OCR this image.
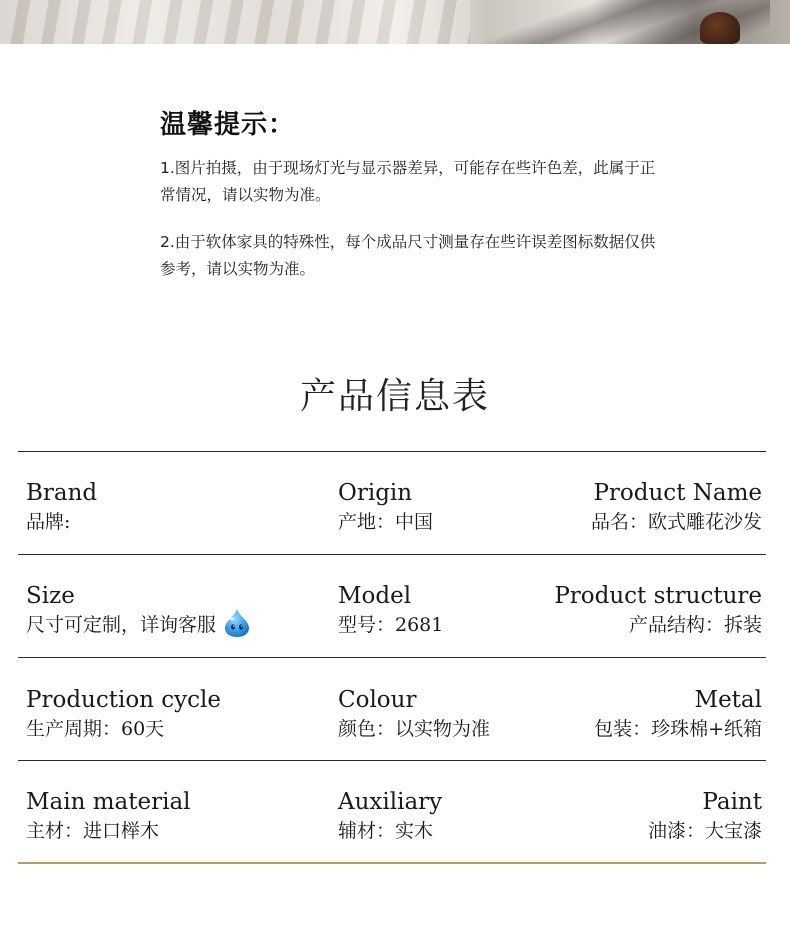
温馨提示：

1.图片拍摄，由于现场灯光与显示器差异，可能存在些许色差，此属于正常情况，请以实物为准。

2.由于软体家具的特殊性，每个成品尺寸测量存在些许误差图标数据仅供参考，请以实物为准。

产品信息表
Brand
品牌:
Origin
产地：中国
Product Name
品名：欧式雕花沙发
Size
尺寸可定制，详询客服
Model
型号：2681
Product structure
产品结构：拆装
Production cycle
生产周期：60天
Colour
颜色：以实物为准
Metal
包装：珍珠棉+纸箱
Main material
主材：进口榉木
Auxiliary
辅材：实木
Paint
油漆：大宝漆
